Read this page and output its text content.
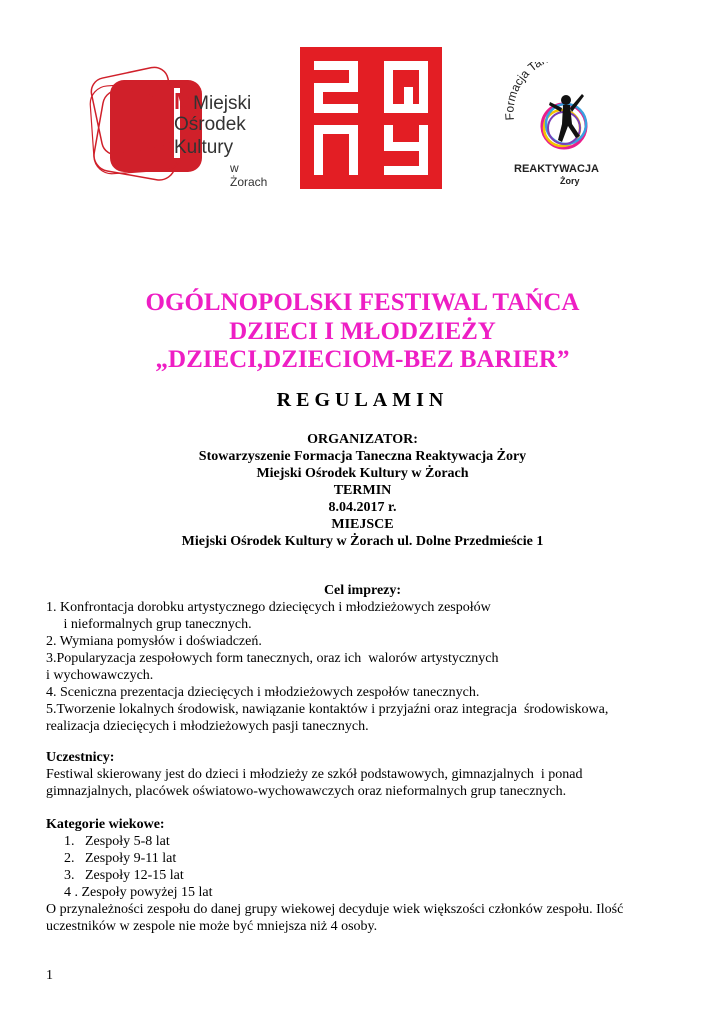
MMiejski
Ośrodek
Kultury
w Żorach
Formacja Ta
REAKTYWACJA
Żory
OGÓLNOPOLSKI FESTIWAL TAŃCA
DZIECI I MŁODZIEŻY
„DZIECI,DZIECIOM-BEZ BARIER”
REGULAMIN
ORGANIZATOR:
Stowarzyszenie Formacja Taneczna Reaktywacja Żory
Miejski Ośrodek Kultury w Żorach
TERMIN
8.04.2017 r.
MIEJSCE
Miejski Ośrodek Kultury w Żorach ul. Dolne Przedmieście 1
Cel imprezy:
1. Konfrontacja dorobku artystycznego dziecięcych i młodzieżowych zespołów
i nieformalnych grup tanecznych.
2. Wymiana pomysłów i doświadczeń.
3.Popularyzacja zespołowych form tanecznych, oraz ich  walorów artystycznych
i wychowawczych.
4. Sceniczna prezentacja dziecięcych i młodzieżowych zespołów tanecznych.
5.Tworzenie lokalnych środowisk, nawiązanie kontaktów i przyjaźni oraz integracja  środowiskowa,
realizacja dziecięcych i młodzieżowych pasji tanecznych.
Uczestnicy:
Festiwal skierowany jest do dzieci i młodzieży ze szkół podstawowych, gimnazjalnych  i ponad
gimnazjalnych, placówek oświatowo-wychowawczych oraz nieformalnych grup tanecznych.
Kategorie wiekowe:
1.   Zespoły 5-8 lat
2.   Zespoły 9-11 lat
3.   Zespoły 12-15 lat
4 . Zespoły powyżej 15 lat
O przynależności zespołu do danej grupy wiekowej decyduje wiek większości członków zespołu. Ilość
uczestników w zespole nie może być mniejsza niż 4 osoby.
1
